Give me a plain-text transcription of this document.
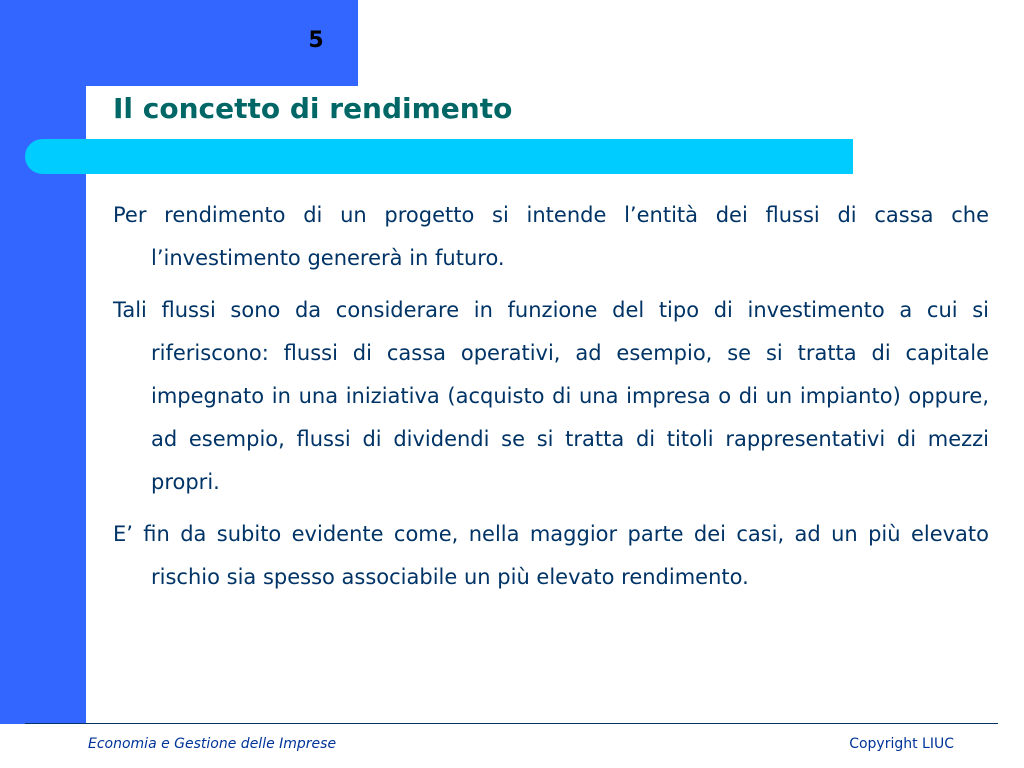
5
Il concetto di rendimento

Per rendimento di un progetto si intende l’entità dei flussi di cassa che l’investimento genererà in futuro.

Tali flussi sono da considerare in funzione del tipo di investimento a cui si riferiscono: flussi di cassa operativi, ad esempio, se si tratta di capitale impegnato in una iniziativa (acquisto di una impresa o di un impianto) oppure, ad esempio, flussi di dividendi se si tratta di titoli rappresentativi di mezzi propri.

E’ fin da subito evidente come, nella maggior parte dei casi, ad un più elevato rischio sia spesso associabile un più elevato rendimento.

Economia e Gestione delle Imprese	Copyright LIUC
